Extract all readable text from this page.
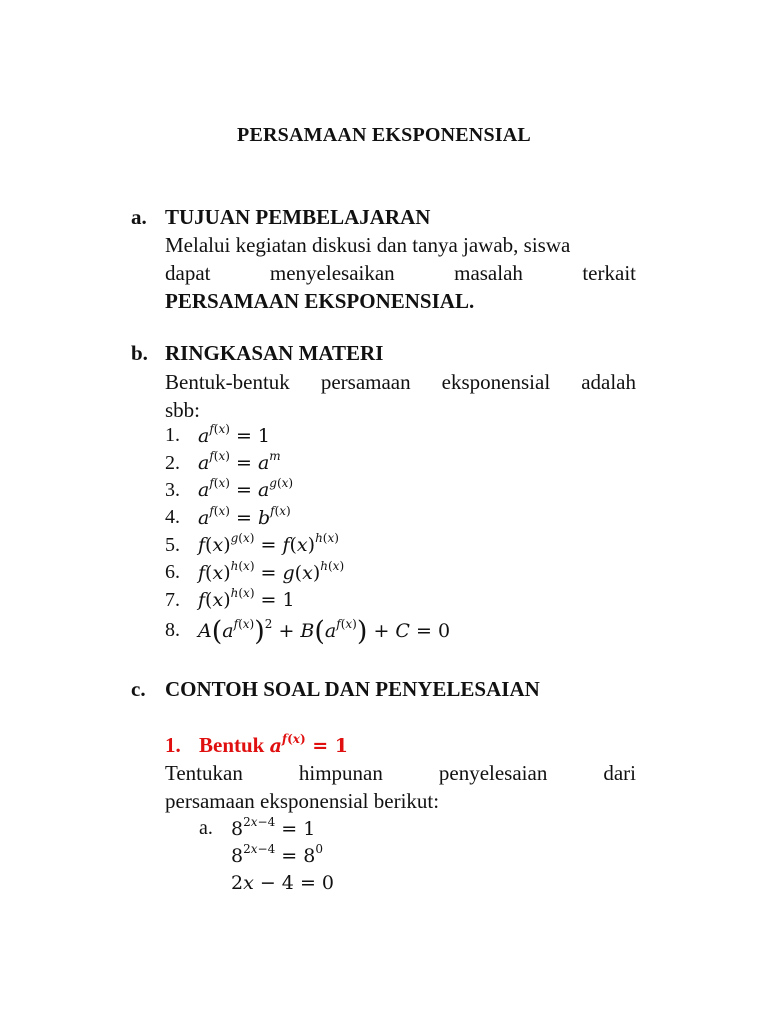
PERSAMAAN EKSPONENSIAL
a. TUJUAN PEMBELAJARAN
Melalui kegiatan diskusi dan tanya jawab, siswa
dapat	menyelesaikan	masalah	terkait
PERSAMAAN EKSPONENSIAL.
b. RINGKASAN MATERI
Bentuk-bentuk persamaan eksponensial adalah
sbb:
1. $a^{f(x)} = 1$
2. $a^{f(x)} = a^m$
3. $a^{f(x)} = a^{g(x)}$
4. $a^{f(x)} = b^{f(x)}$
5. $f(x)^{g(x)} = f(x)^{h(x)}$
6. $f(x)^{h(x)} = g(x)^{h(x)}$
7. $f(x)^{h(x)} = 1$
8. $A(a^{f(x)})^2 + B(a^{f(x)}) + C = 0$
c. CONTOH SOAL DAN PENYELESAIAN
1. Bentuk $a^{f(x)} = 1$
Tentukan	himpunan	penyelesaian	dari
persamaan eksponensial berikut:
a. $8^{2x-4} = 1$
$8^{2x-4} = 8^0$
2x − 4 = 0
